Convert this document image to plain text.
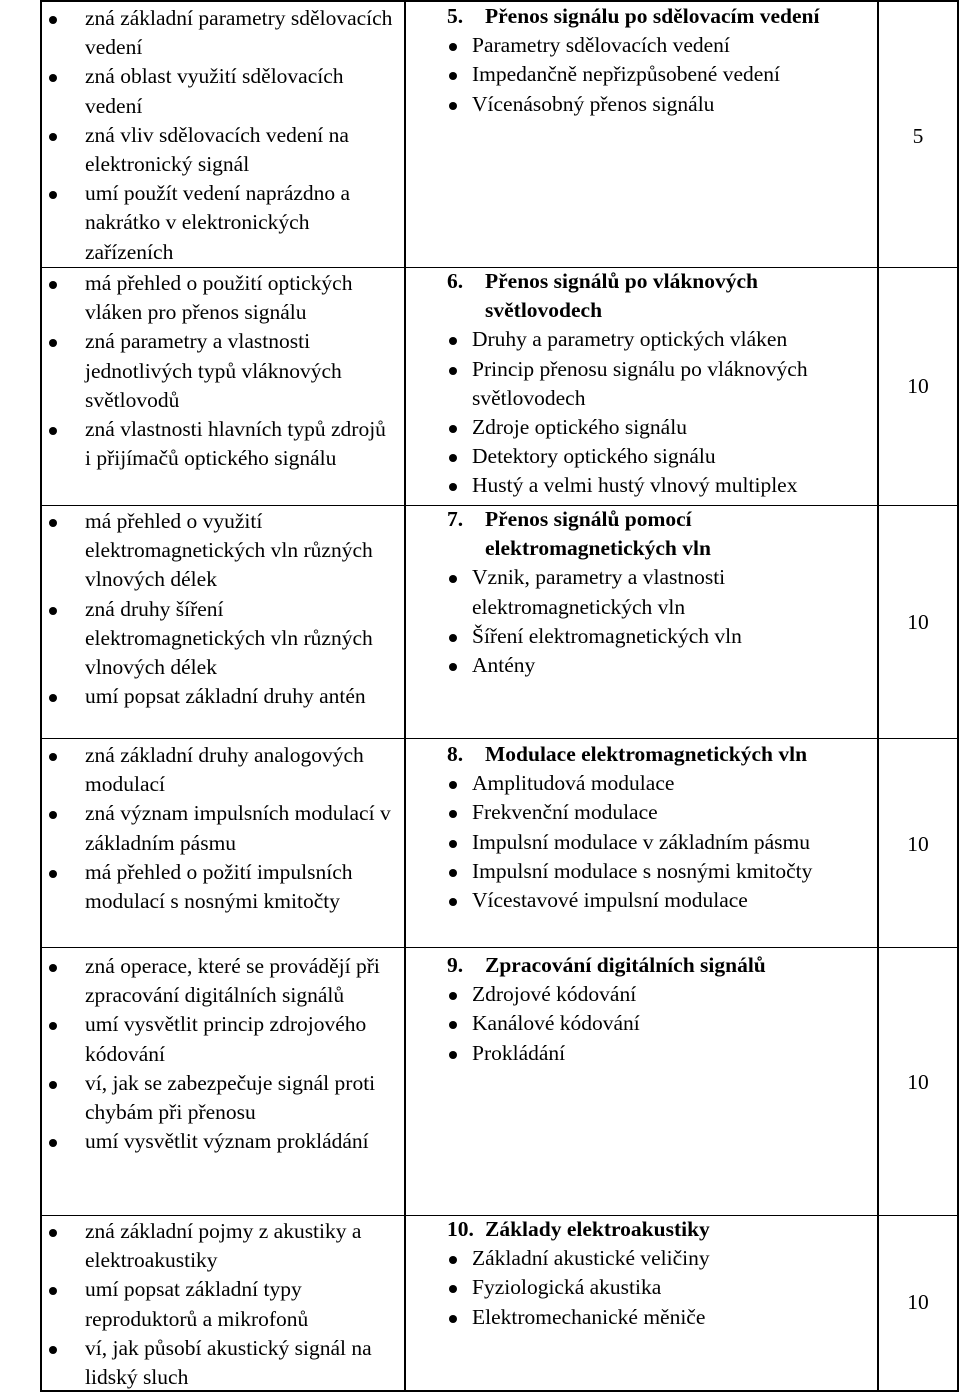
zná základní parametry sdělovacích vedení
zná oblast využití sdělovacích vedení
zná vliv sdělovacích vedení na elektronický signál
umí použít vedení naprázdno a nakrátko v elektronických zařízeních
5.	Přenos signálu po sdělovacím vedení
Parametry sdělovacích vedení
Impedančně nepřizpůsobené vedení
Vícenásobný přenos signálu
5
má přehled o použití optických vláken pro přenos signálu
zná parametry a vlastnosti jednotlivých typů vláknových světlovodů
zná vlastnosti hlavních typů zdrojů i přijímačů optického signálu
6.	Přenos signálů po vláknových světlovodech
Druhy a parametry optických vláken
Princip přenosu signálu po vláknových světlovodech
Zdroje optického signálu
Detektory optického signálu
Hustý a velmi hustý vlnový multiplex
10
má přehled o využití elektromagnetických vln různých vlnových délek
zná druhy šíření elektromagnetických vln různých vlnových délek
umí popsat základní druhy antén
7.	Přenos signálů pomocí elektromagnetických vln
Vznik, parametry a vlastnosti elektromagnetických vln
Šíření elektromagnetických vln
Antény
10
zná základní druhy analogových modulací
zná význam impulsních modulací v základním pásmu
má přehled o požití impulsních modulací s nosnými kmitočty
8.	Modulace elektromagnetických vln
Amplitudová modulace
Frekvenční modulace
Impulsní modulace v základním pásmu
Impulsní modulace s nosnými kmitočty
Vícestavové impulsní modulace
10
zná operace, které se provádějí při zpracování digitálních signálů
umí vysvětlit princip zdrojového kódování
ví, jak se zabezpečuje signál proti chybám při přenosu
umí vysvětlit význam prokládání
9.	Zpracování digitálních signálů
Zdrojové kódování
Kanálové kódování
Prokládání
10
zná základní pojmy z akustiky a elektroakustiky
umí popsat základní typy reproduktorů a mikrofonů
ví, jak působí akustický signál na lidský sluch
10. Základy elektroakustiky
Základní akustické veličiny
Fyziologická akustika
Elektromechanické měniče
10
